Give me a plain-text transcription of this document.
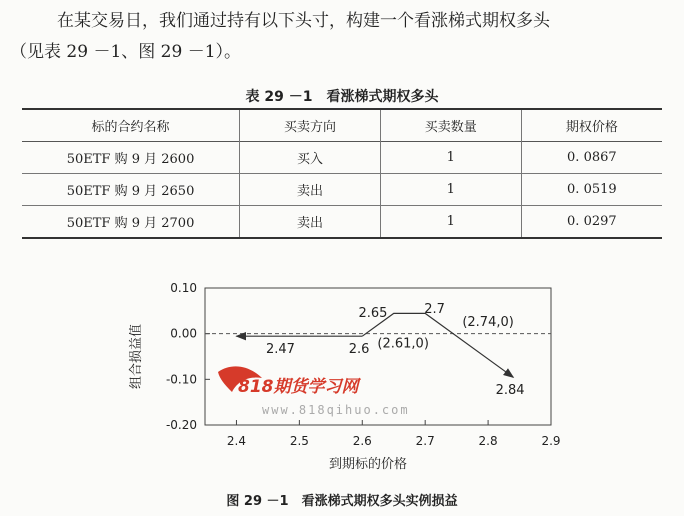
在某交易日，我们通过持有以下头寸，构建一个看涨梯式期权多头
（见表 29 －1、图 29 －1）。
表 29 －1　看涨梯式期权多头
标的合约名称	买卖方向	买卖数量	期权价格
50ETF 购 9 月 2600	买入	1	0. 0867
50ETF 购 9 月 2650	卖出	1	0. 0519
50ETF 购 9 月 2700	卖出	1	0. 0297
0.10
0.00
-0.10
-0.20
2.4	2.5	2.6	2.7	2.8	2.9
2.47	2.6 (2.61,0)
2.65	2.7
(2.74,0)
2.84
到期标的价格
组合损益值	818期货学习网
www.818qihuo.com
图 29 －1　看涨梯式期权多头实例损益
